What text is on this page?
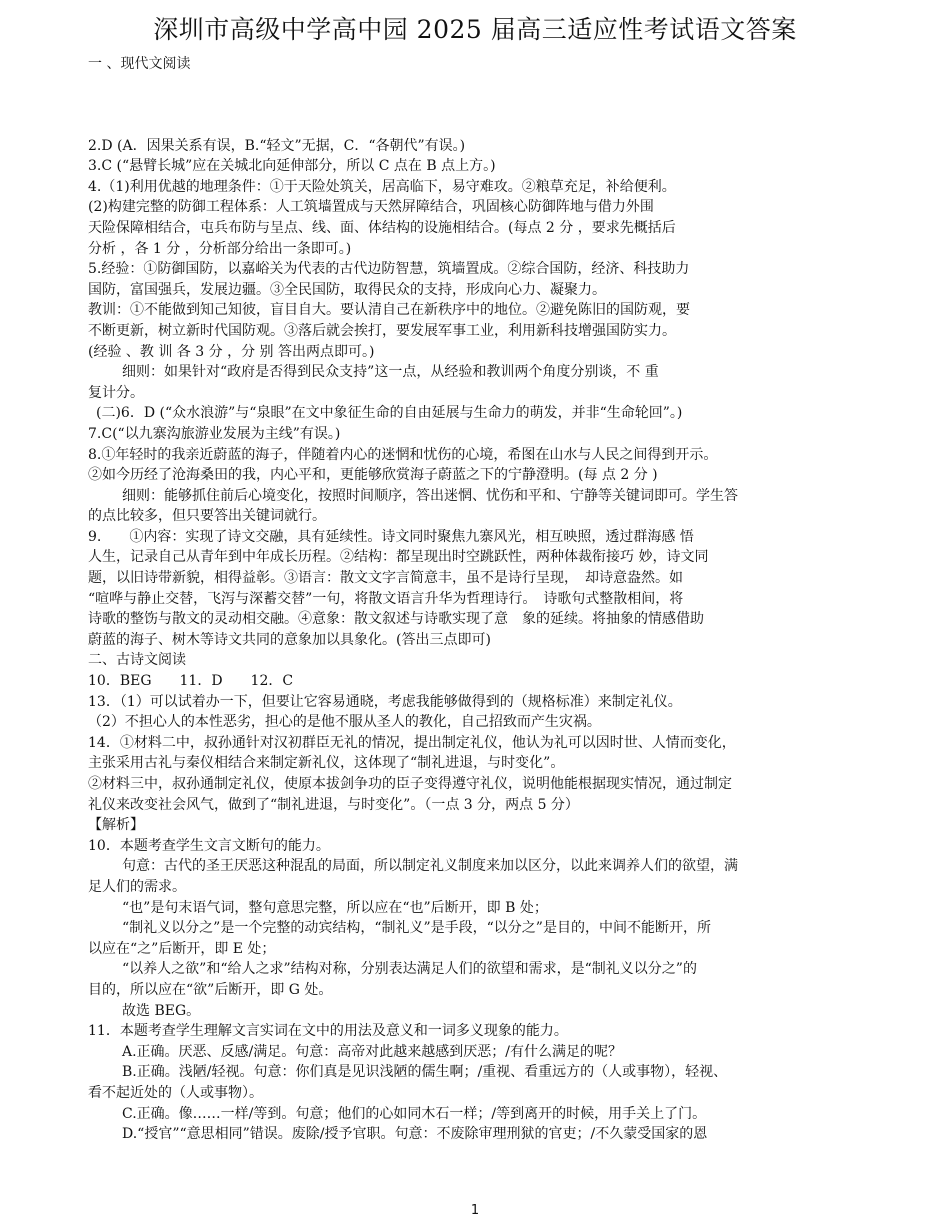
深圳市高级中学高中园 2025 届高三适应性考试语文答案
一 、现代文阅读
2.D (A．因果关系有误，B.“轻文”无据，C．“各朝代”有误。)
3.C (“悬臂长城”应在关城北向延伸部分，所以 C 点在 B 点上方。)
4.（1)利用优越的地理条件：①于天险处筑关，居高临下，易守难攻。②粮草充足，补给便利。
(2)构建完整的防御工程体系：人工筑墙置成与天然屏障结合，巩固核心防御阵地与借力外围
天险保障相结合，屯兵布防与呈点、线、面、体结构的设施相结合。(每点 2 分 ，要求先概括后
分析 ，各 1 分 ，分析部分给出一条即可。)
5.经验：①防御国防，以嘉峪关为代表的古代边防智慧，筑墙置成。②综合国防，经济、科技助力
国防，富国强兵，发展边疆。③全民国防，取得民众的支持，形成向心力、凝聚力。
教训：①不能做到知己知彼，盲目自大。要认清自己在新秩序中的地位。②避免陈旧的国防观，要
不断更新，树立新时代国防观。③落后就会挨打，要发展军事工业，利用新科技增强国防实力。
(经验 、教 训 各 3 分 ，分 别 答出两点即可。)
细则：如果针对“政府是否得到民众支持”这一点，从经验和教训两个角度分别谈，不 重
复计分。
(二)6．D (“众水浪游”与“泉眼”在文中象征生命的自由延展与生命力的萌发，并非“生命轮回”。)
7.C(“以九寨沟旅游业发展为主线”有误。)
8.①年轻时的我亲近蔚蓝的海子，伴随着内心的迷惘和忧伤的心境，希图在山水与人民之间得到开示。
②如今历经了沧海桑田的我，内心平和，更能够欣赏海子蔚蓝之下的宁静澄明。(每 点 2 分 )
细则：能够抓住前后心境变化，按照时间顺序，答出迷惘、忧伤和平和、宁静等关键词即可。学生答
的点比较多，但只要答出关键词就行。
9.　　①内容：实现了诗文交融，具有延续性。诗文同时聚焦九寨风光，相互映照，透过群海感 悟
人生，记录自己从青年到中年成长历程。②结构：都呈现出时空跳跃性，两种体裁衔接巧 妙，诗文同
题，以旧诗带新貌，相得益彰。③语言：散文文字言简意丰，虽不是诗行呈现，　却诗意盎然。如
“喧哗与静止交替，飞泻与深蓄交替”一句，将散文语言升华为哲理诗行。　诗歌句式整散相间，将
诗歌的整饬与散文的灵动相交融。④意象：散文叙述与诗歌实现了意　象的延续。将抽象的情感借助
蔚蓝的海子、树木等诗文共同的意象加以具象化。(答出三点即可)
二、古诗文阅读
10．BEG　　11．D　　12．C
13．（1）可以试着办一下，但要让它容易通晓，考虑我能够做得到的（规格标准）来制定礼仪。
（2）不担心人的本性恶劣，担心的是他不服从圣人的教化，自己招致而产生灾祸。
14．①材料二中，叔孙通针对汉初群臣无礼的情况，提出制定礼仪，他认为礼可以因时世、人情而变化，
主张采用古礼与秦仪相结合来制定新礼仪，这体现了“制礼进退，与时变化”。
②材料三中，叔孙通制定礼仪，使原本拔剑争功的臣子变得遵守礼仪，说明他能根据现实情况，通过制定
礼仪来改变社会风气，做到了“制礼进退，与时变化”。（一点 3 分，两点 5 分）
【解析】
10．本题考查学生文言文断句的能力。
句意：古代的圣王厌恶这种混乱的局面，所以制定礼义制度来加以区分，以此来调养人们的欲望，满
足人们的需求。
“也”是句末语气词，整句意思完整，所以应在“也”后断开，即 B 处；
“制礼义以分之”是一个完整的动宾结构，“制礼义”是手段，“以分之”是目的，中间不能断开，所
以应在“之”后断开，即 E 处；
“以养人之欲”和“给人之求”结构对称，分别表达满足人们的欲望和需求，是“制礼义以分之”的
目的，所以应在“欲”后断开，即 G 处。
故选 BEG。
11．本题考查学生理解文言实词在文中的用法及意义和一词多义现象的能力。
A.正确。厌恶、反感/满足。句意：高帝对此越来越感到厌恶；/有什么满足的呢？
B.正确。浅陋/轻视。句意：你们真是见识浅陋的儒生啊；/重视、看重远方的（人或事物），轻视、
看不起近处的（人或事物）。
C.正确。像……一样/等到。句意；他们的心如同木石一样；/等到离开的时候，用手关上了门。
D.“授官”“意思相同”错误。废除/授予官职。句意：不废除审理刑狱的官吏；/不久蒙受国家的恩
1
